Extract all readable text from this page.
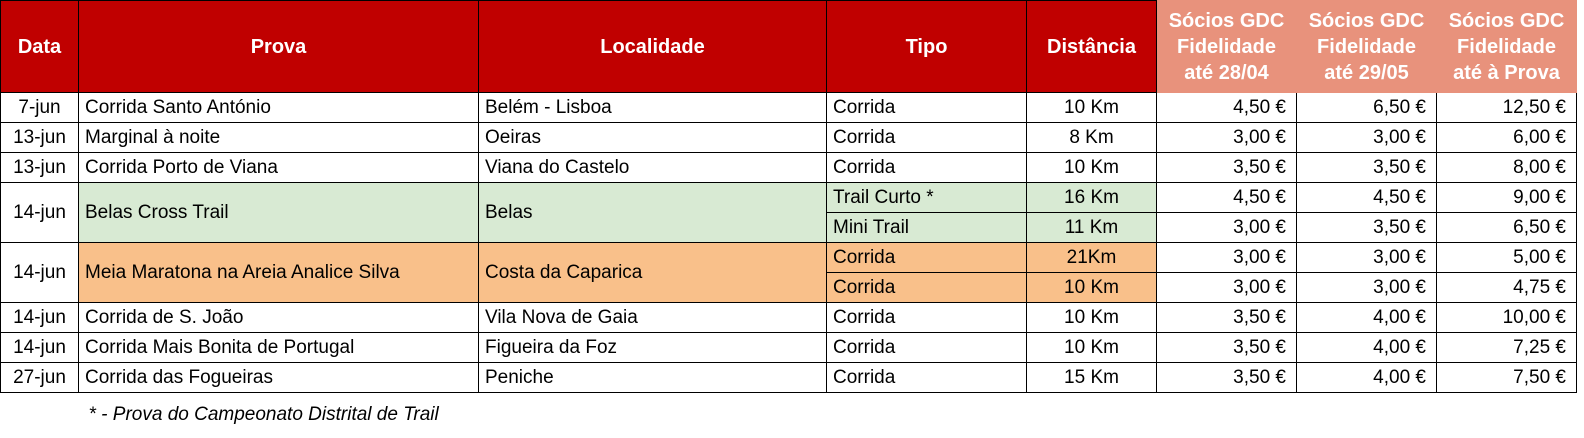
Data	Prova	Localidade	Tipo	Distância	Sócios GDC
Fidelidade
até 28/04	Sócios GDC
Fidelidade
até 29/05	Sócios GDC
Fidelidade
até à Prova

7-jun	Corrida Santo António	Belém - Lisboa	Corrida	10 Km	4,50 €	6,50 €	12,50 €
13-jun	Marginal à noite	Oeiras	Corrida	8 Km	3,00 €	3,00 €	6,00 €
13-jun	Corrida Porto de Viana	Viana do Castelo	Corrida	10 Km	3,50 €	3,50 €	8,00 €
14-jun	Belas Cross Trail	Belas	Trail Curto *	16 Km	4,50 €	4,50 €	9,00 €
			Mini Trail	11 Km	3,00 €	3,50 €	6,50 €
14-jun	Meia Maratona na Areia Analice Silva	Costa da Caparica	Corrida	21Km	3,00 €	3,00 €	5,00 €
			Corrida	10 Km	3,00 €	3,00 €	4,75 €
14-jun	Corrida de S. João	Vila Nova de Gaia	Corrida	10 Km	3,50 €	4,00 €	10,00 €
14-jun	Corrida Mais Bonita de Portugal	Figueira da Foz	Corrida	10 Km	3,50 €	4,00 €	7,25 €
27-jun	Corrida das Fogueiras	Peniche	Corrida	15 Km	3,50 €	4,00 €	7,50 €
	* - Prova do Campeonato Distrital de Trail						
